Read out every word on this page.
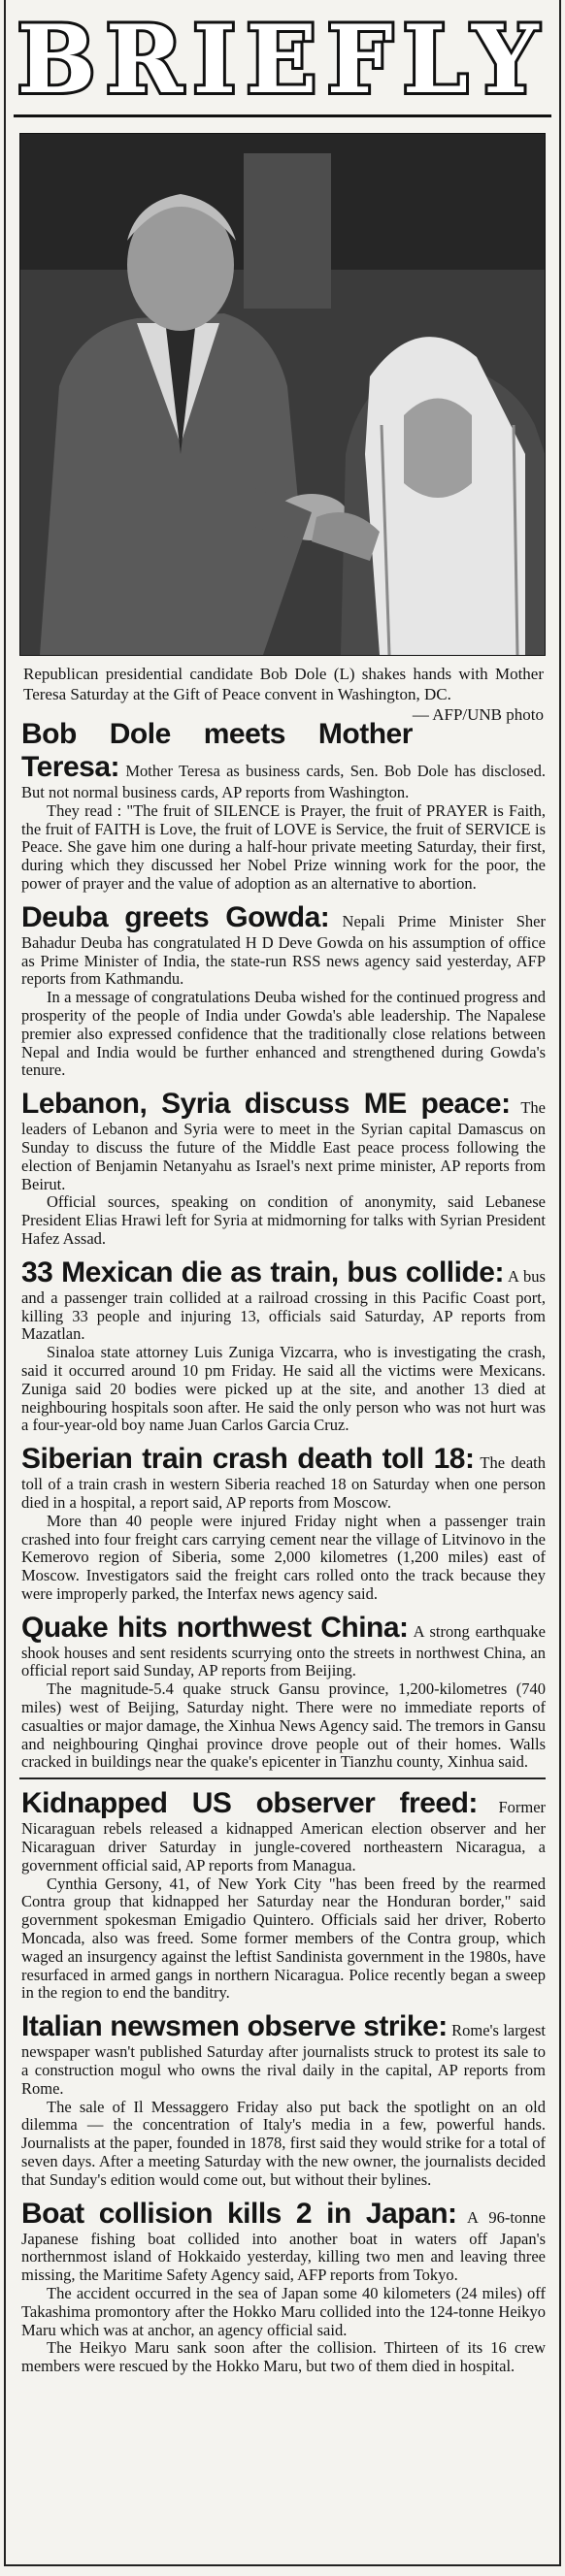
BRIEFLY
Republican presidential candidate Bob Dole (L) shakes hands with Mother Teresa Saturday at the Gift of Peace convent in Washington, DC.
— AFP/UNB photo

Bob Dole meets Mother Teresa: Mother Teresa as business cards, Sen. Bob Dole has disclosed. But not normal business cards, AP reports from Washington.

They read : "The fruit of SILENCE is Prayer, the fruit of PRAYER is Faith, the fruit of FAITH is Love, the fruit of LOVE is Service, the fruit of SERVICE is Peace. She gave him one during a half-hour private meeting Saturday, their first, during which they discussed her Nobel Prize winning work for the poor, the power of prayer and the value of adoption as an alternative to abortion.

Deuba greets Gowda: Nepali Prime Minister Sher Bahadur Deuba has congratulated H D Deve Gowda on his assumption of office as Prime Minister of India, the state-run RSS news agency said yesterday, AFP reports from Kathmandu.

In a message of congratulations Deuba wished for the continued progress and prosperity of the people of India under Gowda's able leadership. The Napalese premier also expressed confidence that the traditionally close relations between Nepal and India would be further enhanced and strengthened during Gowda's tenure.

Lebanon, Syria discuss ME peace: The leaders of Lebanon and Syria were to meet in the Syrian capital Damascus on Sunday to discuss the future of the Middle East peace process following the election of Benjamin Netanyahu as Israel's next prime minister, AP reports from Beirut.

Official sources, speaking on condition of anonymity, said Lebanese President Elias Hrawi left for Syria at midmorning for talks with Syrian President Hafez Assad.

33 Mexican die as train, bus collide: A bus and a passenger train collided at a railroad crossing in this Pacific Coast port, killing 33 people and injuring 13, officials said Saturday, AP reports from Mazatlan.

Sinaloa state attorney Luis Zuniga Vizcarra, who is investigating the crash, said it occurred around 10 pm Friday. He said all the victims were Mexicans. Zuniga said 20 bodies were picked up at the site, and another 13 died at neighbouring hospitals soon after. He said the only person who was not hurt was a four-year-old boy name Juan Carlos Garcia Cruz.

Siberian train crash death toll 18: The death toll of a train crash in western Siberia reached 18 on Saturday when one person died in a hospital, a report said, AP reports from Moscow.

More than 40 people were injured Friday night when a passenger train crashed into four freight cars carrying cement near the village of Litvinovo in the Kemerovo region of Siberia, some 2,000 kilometres (1,200 miles) east of Moscow. Investigators said the freight cars rolled onto the track because they were improperly parked, the Interfax news agency said.

Quake hits northwest China: A strong earthquake shook houses and sent residents scurrying onto the streets in northwest China, an official report said Sunday, AP reports from Beijing.

The magnitude-5.4 quake struck Gansu province, 1,200-kilometres (740 miles) west of Beijing, Saturday night. There were no immediate reports of casualties or major damage, the Xinhua News Agency said. The tremors in Gansu and neighbouring Qinghai province drove people out of their homes. Walls cracked in buildings near the quake's epicenter in Tianzhu county, Xinhua said.

Kidnapped US observer freed: Former Nicaraguan rebels released a kidnapped American election observer and her Nicaraguan driver Saturday in jungle-covered northeastern Nicaragua, a government official said, AP reports from Managua.

Cynthia Gersony, 41, of New York City "has been freed by the rearmed Contra group that kidnapped her Saturday near the Honduran border," said government spokesman Emigadio Quintero. Officials said her driver, Roberto Moncada, also was freed. Some former members of the Contra group, which waged an insurgency against the leftist Sandinista government in the 1980s, have resurfaced in armed gangs in northern Nicaragua. Police recently began a sweep in the region to end the banditry.

Italian newsmen observe strike: Rome's largest newspaper wasn't published Saturday after journalists struck to protest its sale to a construction mogul who owns the rival daily in the capital, AP reports from Rome.

The sale of Il Messaggero Friday also put back the spotlight on an old dilemma — the concentration of Italy's media in a few, powerful hands. Journalists at the paper, founded in 1878, first said they would strike for a total of seven days. After a meeting Saturday with the new owner, the journalists decided that Sunday's edition would come out, but without their bylines.

Boat collision kills 2 in Japan: A 96-tonne Japanese fishing boat collided into another boat in waters off Japan's northernmost island of Hokkaido yesterday, killing two men and leaving three missing, the Maritime Safety Agency said, AFP reports from Tokyo.

The accident occurred in the sea of Japan some 40 kilometers (24 miles) off Takashima promontory after the Hokko Maru collided into the 124-tonne Heikyo Maru which was at anchor, an agency official said.

The Heikyo Maru sank soon after the collision. Thirteen of its 16 crew members were rescued by the Hokko Maru, but two of them died in hospital.
